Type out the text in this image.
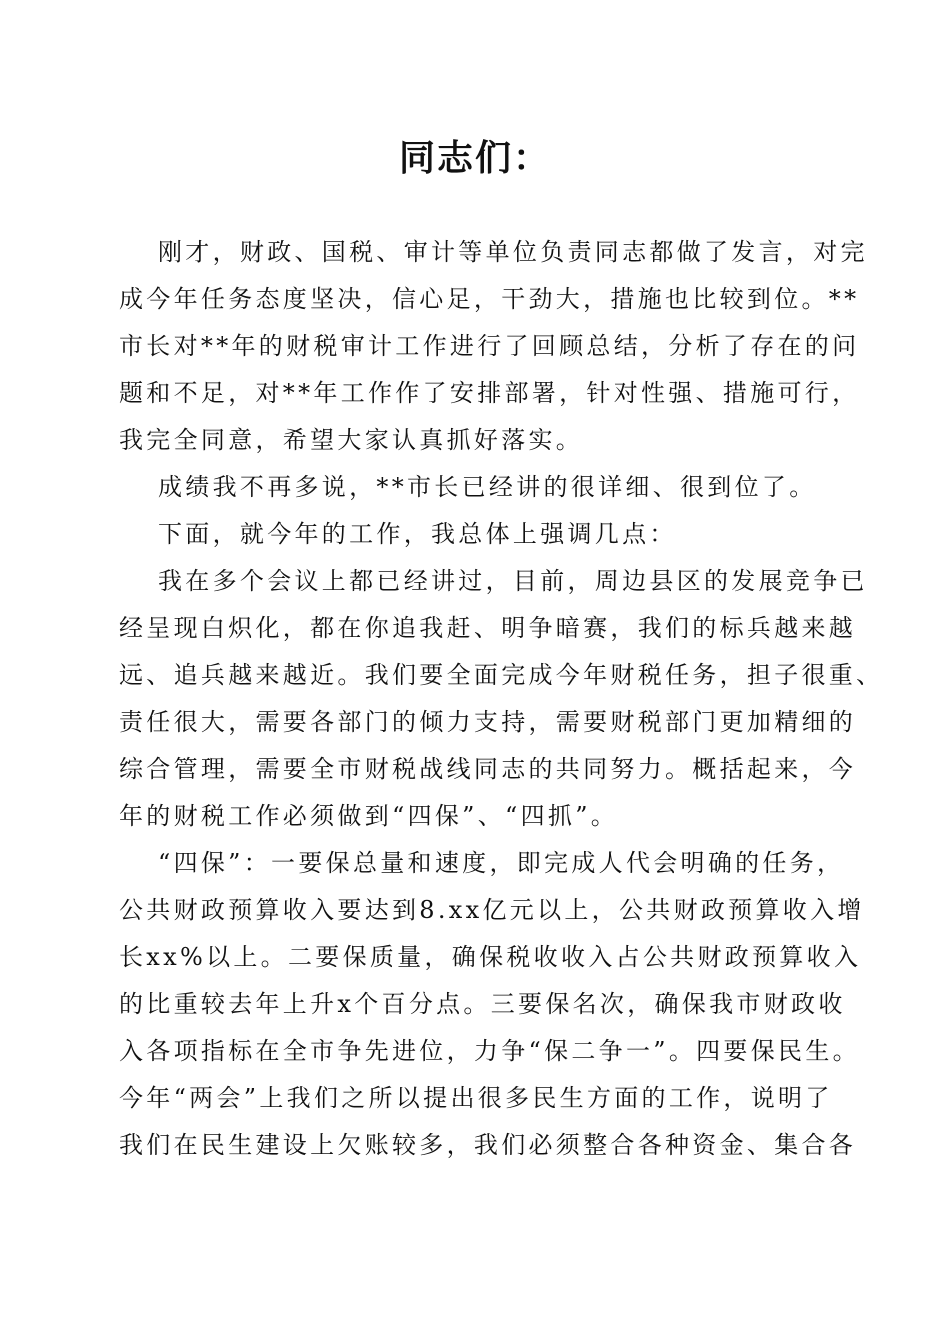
同志们：
刚才，财政、国税、审计等单位负责同志都做了发言，对完
成今年任务态度坚决，信心足，干劲大，措施也比较到位。**
市长对**年的财税审计工作进行了回顾总结，分析了存在的问
题和不足，对**年工作作了安排部署，针对性强、措施可行，
我完全同意，希望大家认真抓好落实。
成绩我不再多说，**市长已经讲的很详细、很到位了。
下面，就今年的工作，我总体上强调几点：
我在多个会议上都已经讲过，目前，周边县区的发展竞争已
经呈现白炽化，都在你追我赶、明争暗赛，我们的标兵越来越
远、追兵越来越近。我们要全面完成今年财税任务，担子很重、
责任很大，需要各部门的倾力支持，需要财税部门更加精细的
综合管理，需要全市财税战线同志的共同努力。概括起来，今
年的财税工作必须做到“四保”、“四抓”。
“四保”：一要保总量和速度，即完成人代会明确的任务，
公共财政预算收入要达到8.xx亿元以上，公共财政预算收入增
长xx%以上。二要保质量，确保税收收入占公共财政预算收入
的比重较去年上升x个百分点。三要保名次，确保我市财政收
入各项指标在全市争先进位，力争“保二争一”。四要保民生。
今年“两会”上我们之所以提出很多民生方面的工作，说明了
我们在民生建设上欠账较多，我们必须整合各种资金、集合各
